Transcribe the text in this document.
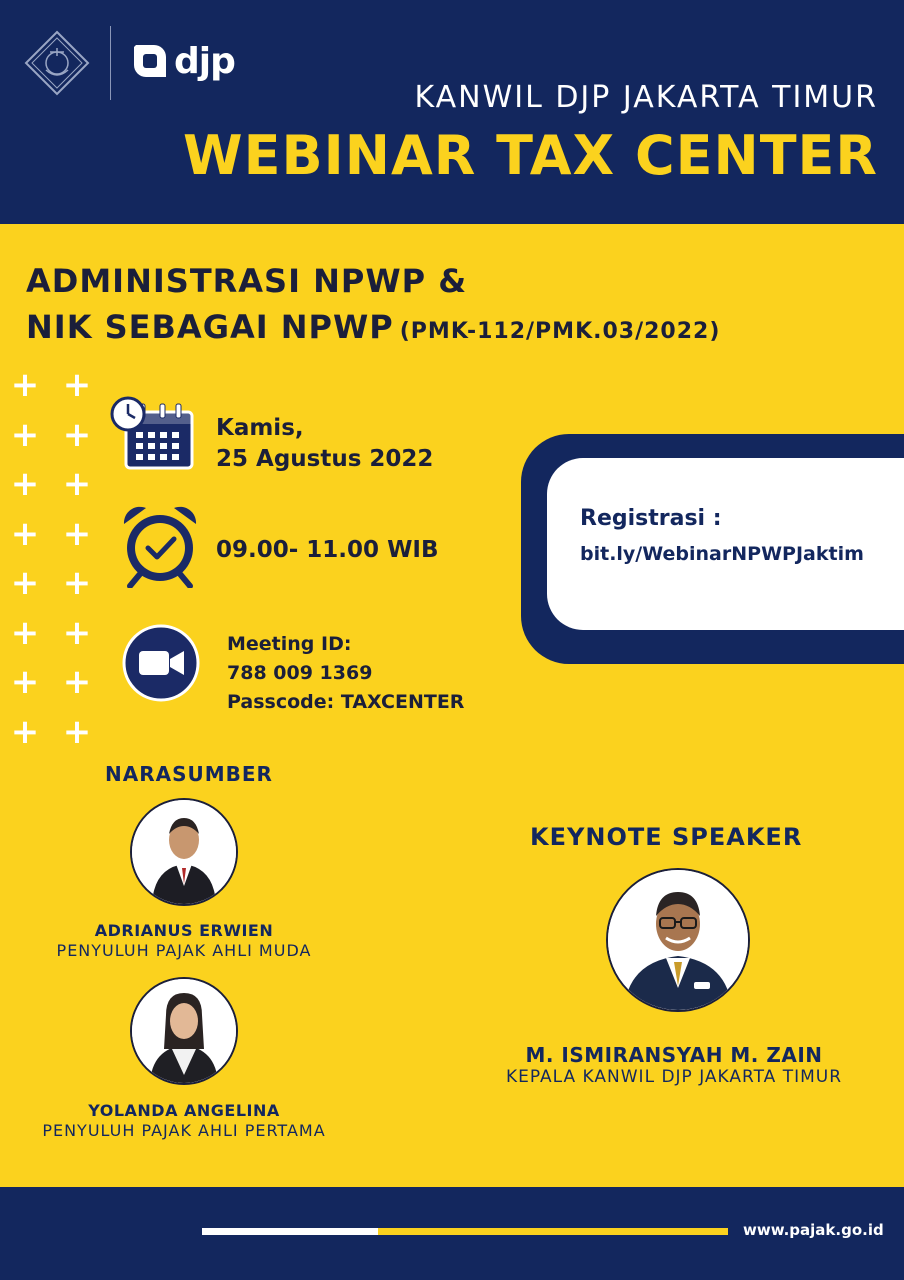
djp
KANWIL DJP JAKARTA TIMUR
WEBINAR TAX CENTER
ADMINISTRASI NPWP &
NIK SEBAGAI NPWP (PMK-112/PMK.03/2022)
+ +
+ +
+ +
+ +
+ +
+ +
+ +
+ +
Kamis,
25 Agustus 2022
09.00- 11.00 WIB
Meeting ID:
788 009 1369
Passcode: TAXCENTER
Registrasi :
bit.ly/WebinarNPWPJaktim
NARASUMBER
ADRIANUS ERWIEN
PENYULUH PAJAK AHLI MUDA
YOLANDA ANGELINA
PENYULUH PAJAK AHLI PERTAMA
KEYNOTE SPEAKER
M. ISMIRANSYAH M. ZAIN
KEPALA KANWIL DJP JAKARTA TIMUR
www.pajak.go.id
